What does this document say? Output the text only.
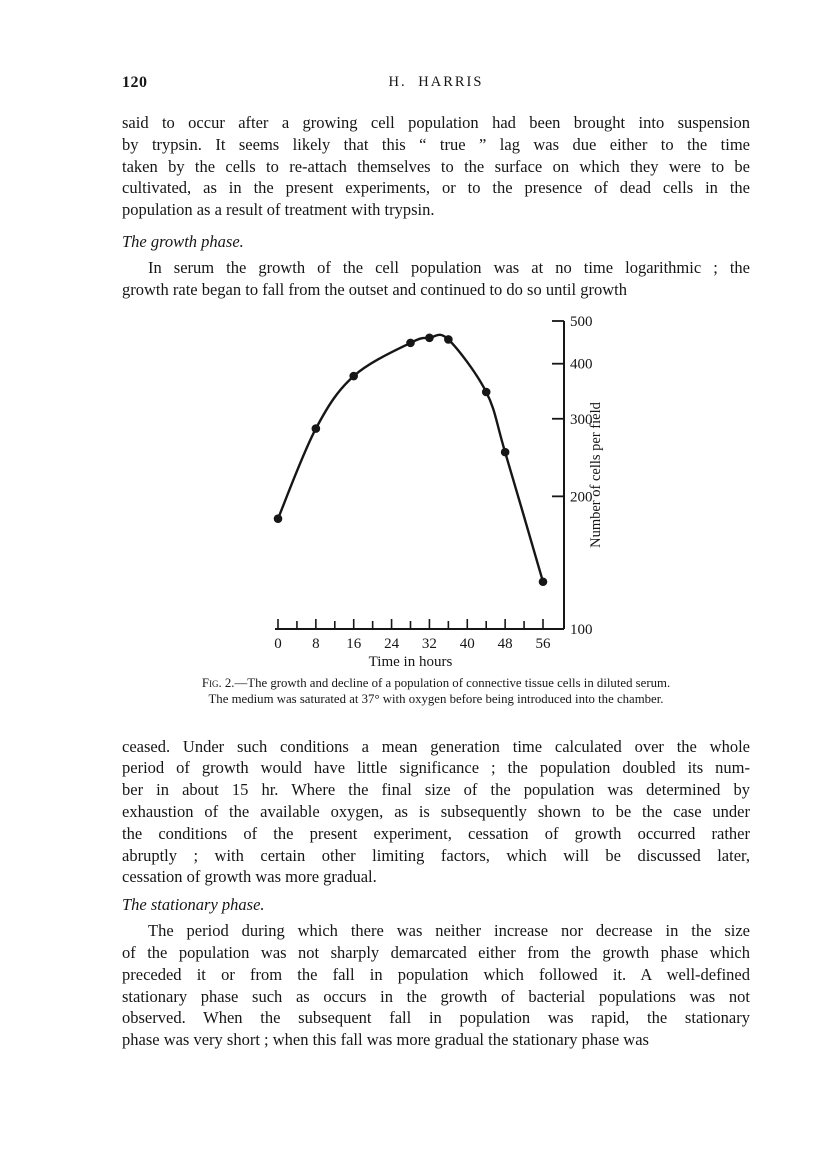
120	H. HARRIS
said to occur after a growing cell population had been brought into suspension
by trypsin. It seems likely that this “ true ” lag was due either to the time
taken by the cells to re-attach themselves to the surface on which they were to be
cultivated, as in the present experiments, or to the presence of dead cells in the
population as a result of treatment with trypsin.
The growth phase.
In serum the growth of the cell population was at no time logarithmic ; the
growth rate began to fall from the outset and continued to do so until growth
100
200
300
400
500
Number of cells per field
0 8 16 24 32 40 48 56
Time in hours
Fig. 2.—The growth and decline of a population of connective tissue cells in diluted serum.
The medium was saturated at 37° with oxygen before being introduced into the chamber.
ceased. Under such conditions a mean generation time calculated over the whole
period of growth would have little significance ; the population doubled its num-
ber in about 15 hr. Where the final size of the population was determined by
exhaustion of the available oxygen, as is subsequently shown to be the case under
the conditions of the present experiment, cessation of growth occurred rather
abruptly ; with certain other limiting factors, which will be discussed later,
cessation of growth was more gradual.
The stationary phase.
The period during which there was neither increase nor decrease in the size
of the population was not sharply demarcated either from the growth phase which
preceded it or from the fall in population which followed it. A well-defined
stationary phase such as occurs in the growth of bacterial populations was not
observed. When the subsequent fall in population was rapid, the stationary
phase was very short ; when this fall was more gradual the stationary phase was
